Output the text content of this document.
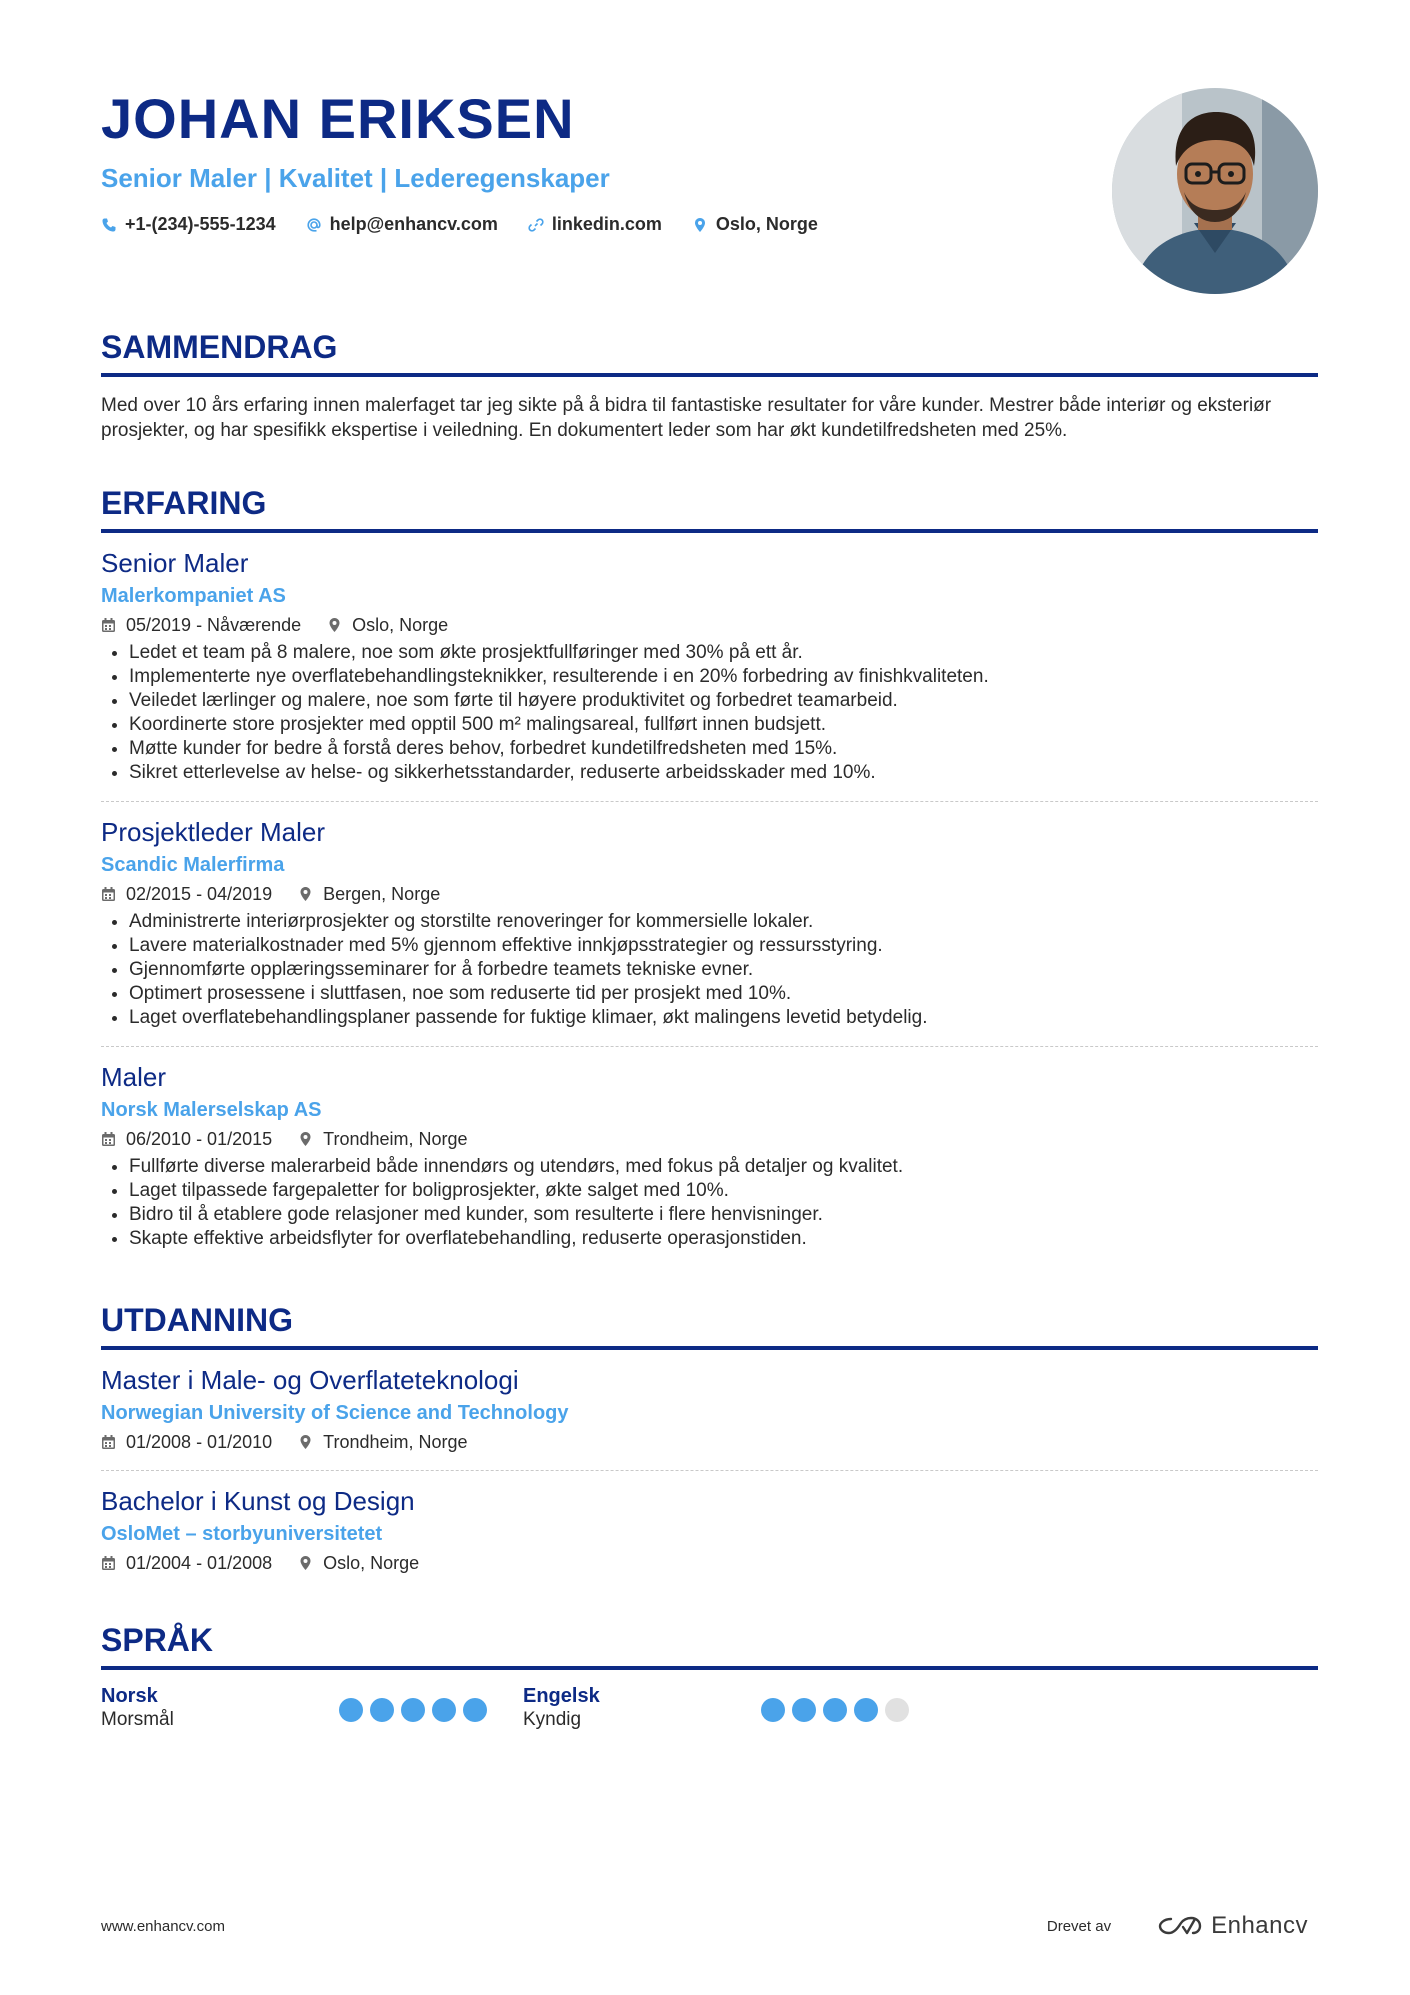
JOHAN ERIKSEN
Senior Maler | Kvalitet | Lederegenskaper
+1-(234)-555-1234	help@enhancv.com	linkedin.com	Oslo, Norge
SAMMENDRAG
Med over 10 års erfaring innen malerfaget tar jeg sikte på å bidra til fantastiske resultater for våre kunder. Mestrer både interiør og eksteriør prosjekter, og har spesifikk ekspertise i veiledning. En dokumentert leder som har økt kundetilfredsheten med 25%.
ERFARING
Senior Maler
Malerkompaniet AS
05/2019 - Nåværende	Oslo, Norge
• Ledet et team på 8 malere, noe som økte prosjektfullføringer med 30% på ett år.
• Implementerte nye overflatebehandlingsteknikker, resulterende i en 20% forbedring av finishkvaliteten.
• Veiledet lærlinger og malere, noe som førte til høyere produktivitet og forbedret teamarbeid.
• Koordinerte store prosjekter med opptil 500 m² malingsareal, fullført innen budsjett.
• Møtte kunder for bedre å forstå deres behov, forbedret kundetilfredsheten med 15%.
• Sikret etterlevelse av helse- og sikkerhetsstandarder, reduserte arbeidsskader med 10%.
Prosjektleder Maler
Scandic Malerfirma
02/2015 - 04/2019	Bergen, Norge
• Administrerte interiørprosjekter og storstilte renoveringer for kommersielle lokaler.
• Lavere materialkostnader med 5% gjennom effektive innkjøpsstrategier og ressursstyring.
• Gjennomførte opplæringsseminarer for å forbedre teamets tekniske evner.
• Optimert prosessene i sluttfasen, noe som reduserte tid per prosjekt med 10%.
• Laget overflatebehandlingsplaner passende for fuktige klimaer, økt malingens levetid betydelig.
Maler
Norsk Malerselskap AS
06/2010 - 01/2015	Trondheim, Norge
• Fullførte diverse malerarbeid både innendørs og utendørs, med fokus på detaljer og kvalitet.
• Laget tilpassede fargepaletter for boligprosjekter, økte salget med 10%.
• Bidro til å etablere gode relasjoner med kunder, som resulterte i flere henvisninger.
• Skapte effektive arbeidsflyter for overflatebehandling, reduserte operasjonstiden.
UTDANNING
Master i Male- og Overflateteknologi
Norwegian University of Science and Technology
01/2008 - 01/2010	Trondheim, Norge
Bachelor i Kunst og Design
OsloMet – storbyuniversitetet
01/2004 - 01/2008	Oslo, Norge
SPRÅK
Norsk
Morsmål
Engelsk
Kyndig
www.enhancv.com	Drevet av	Enhancv
